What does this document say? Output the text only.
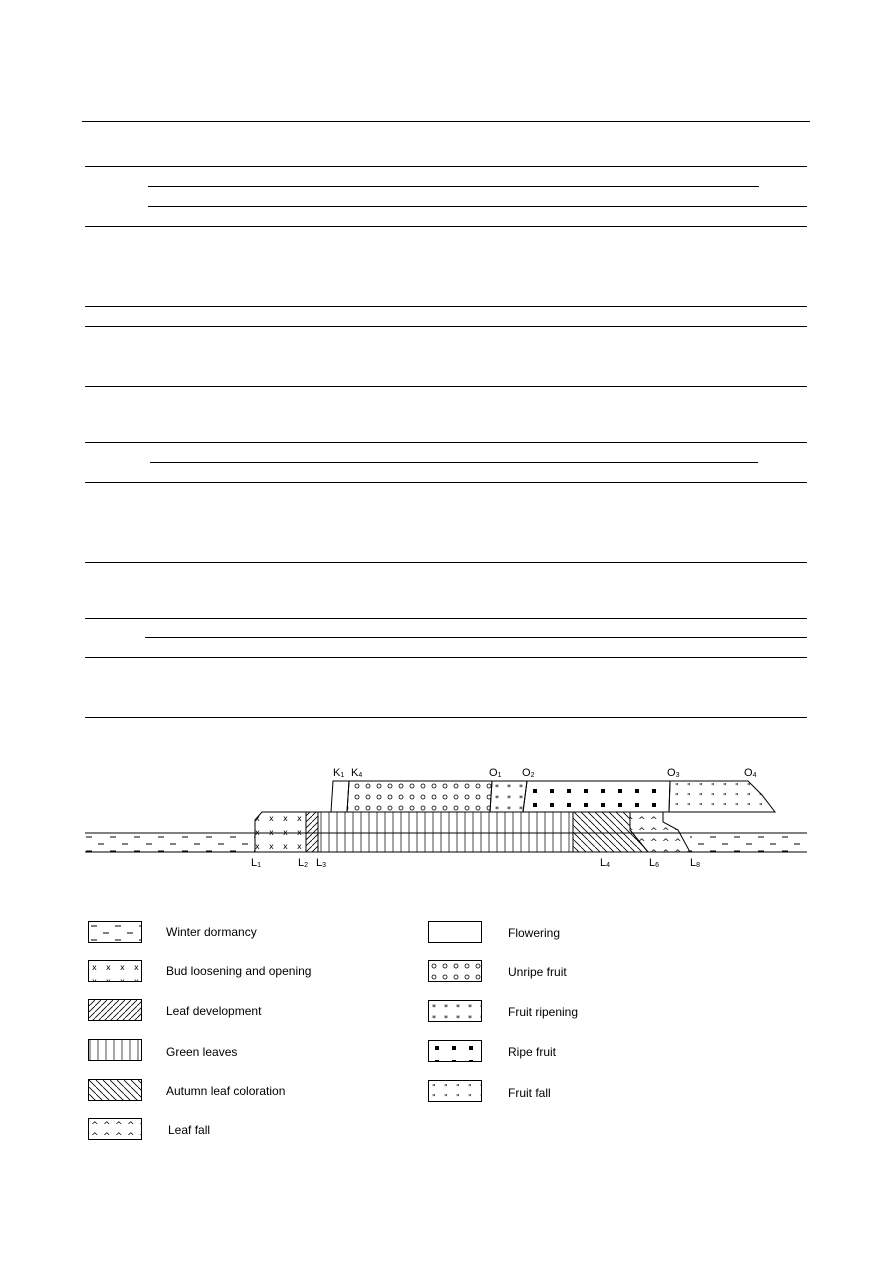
$K_1$ $K_4$	$O_1$ $O_2$	$O_3$	$O_4$
$L_1$	$L_2$ $L_3$	$L_4$	$L_6$	$L_8$
Winter dormancy
Bud loosening and opening
Leaf development
Green leaves
Autumn leaf coloration
Leaf fall
Flowering
Unripe fruit
Fruit ripening
Ripe fruit
Fruit fall
